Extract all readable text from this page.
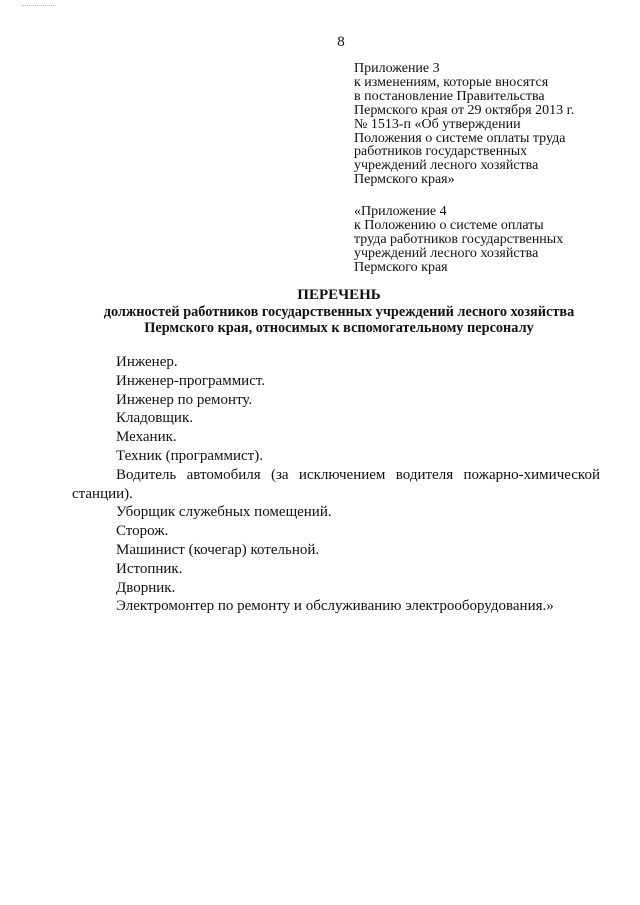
8
Приложение 3
к изменениям, которые вносятся
в постановление Правительства
Пермского края от 29 октября 2013 г.
№ 1513-п «Об утверждении
Положения о системе оплаты труда
работников государственных
учреждений лесного хозяйства
Пермского края»
«Приложение 4
к Положению о системе оплаты
труда работников государственных
учреждений лесного хозяйства
Пермского края
ПЕРЕЧЕНЬ
должностей работников государственных учреждений лесного хозяйства
Пермского края, относимых к вспомогательному персоналу
Инженер.
Инженер-программист.
Инженер по ремонту.
Кладовщик.
Механик.
Техник (программист).
Водитель автомобиля (за исключением водителя пожарно-химической станции).
Уборщик служебных помещений.
Сторож.
Машинист (кочегар) котельной.
Истопник.
Дворник.
Электромонтер по ремонту и обслуживанию электрооборудования.»
